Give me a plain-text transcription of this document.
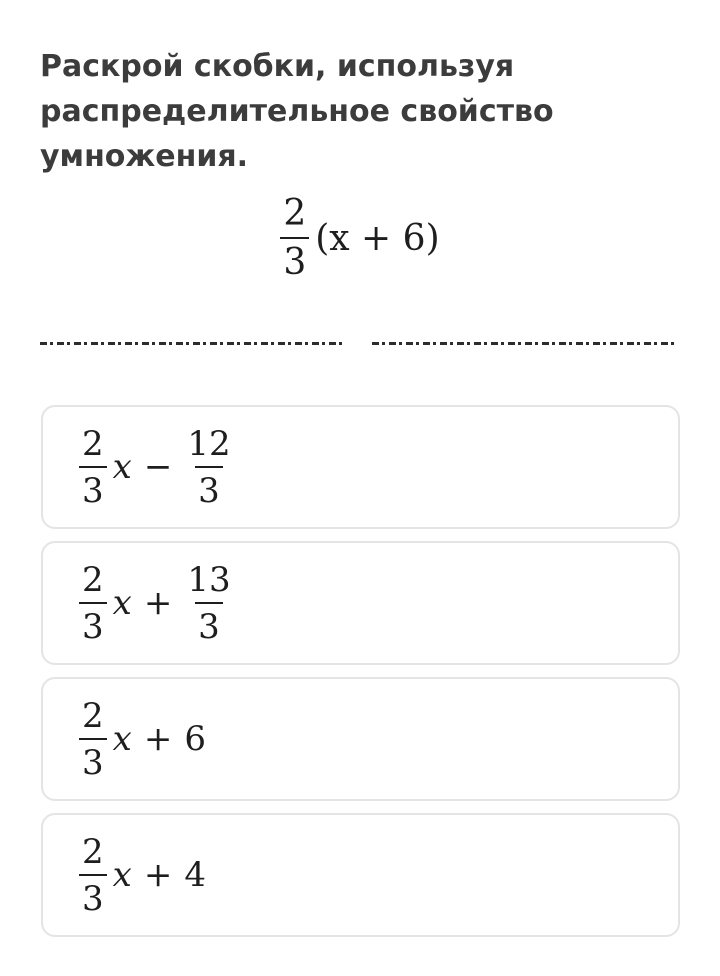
Раскрой скобки, используя распределительное свойство умножения.
$\frac{2}{3} (x + 6)$
$\frac{2}{3}$ $x - \frac{12}{3}$
$\frac{2}{3}$ $x + \frac{13}{3}$
$\frac{2}{3}$ x + 6
$\frac{2}{3}$ x + 4
